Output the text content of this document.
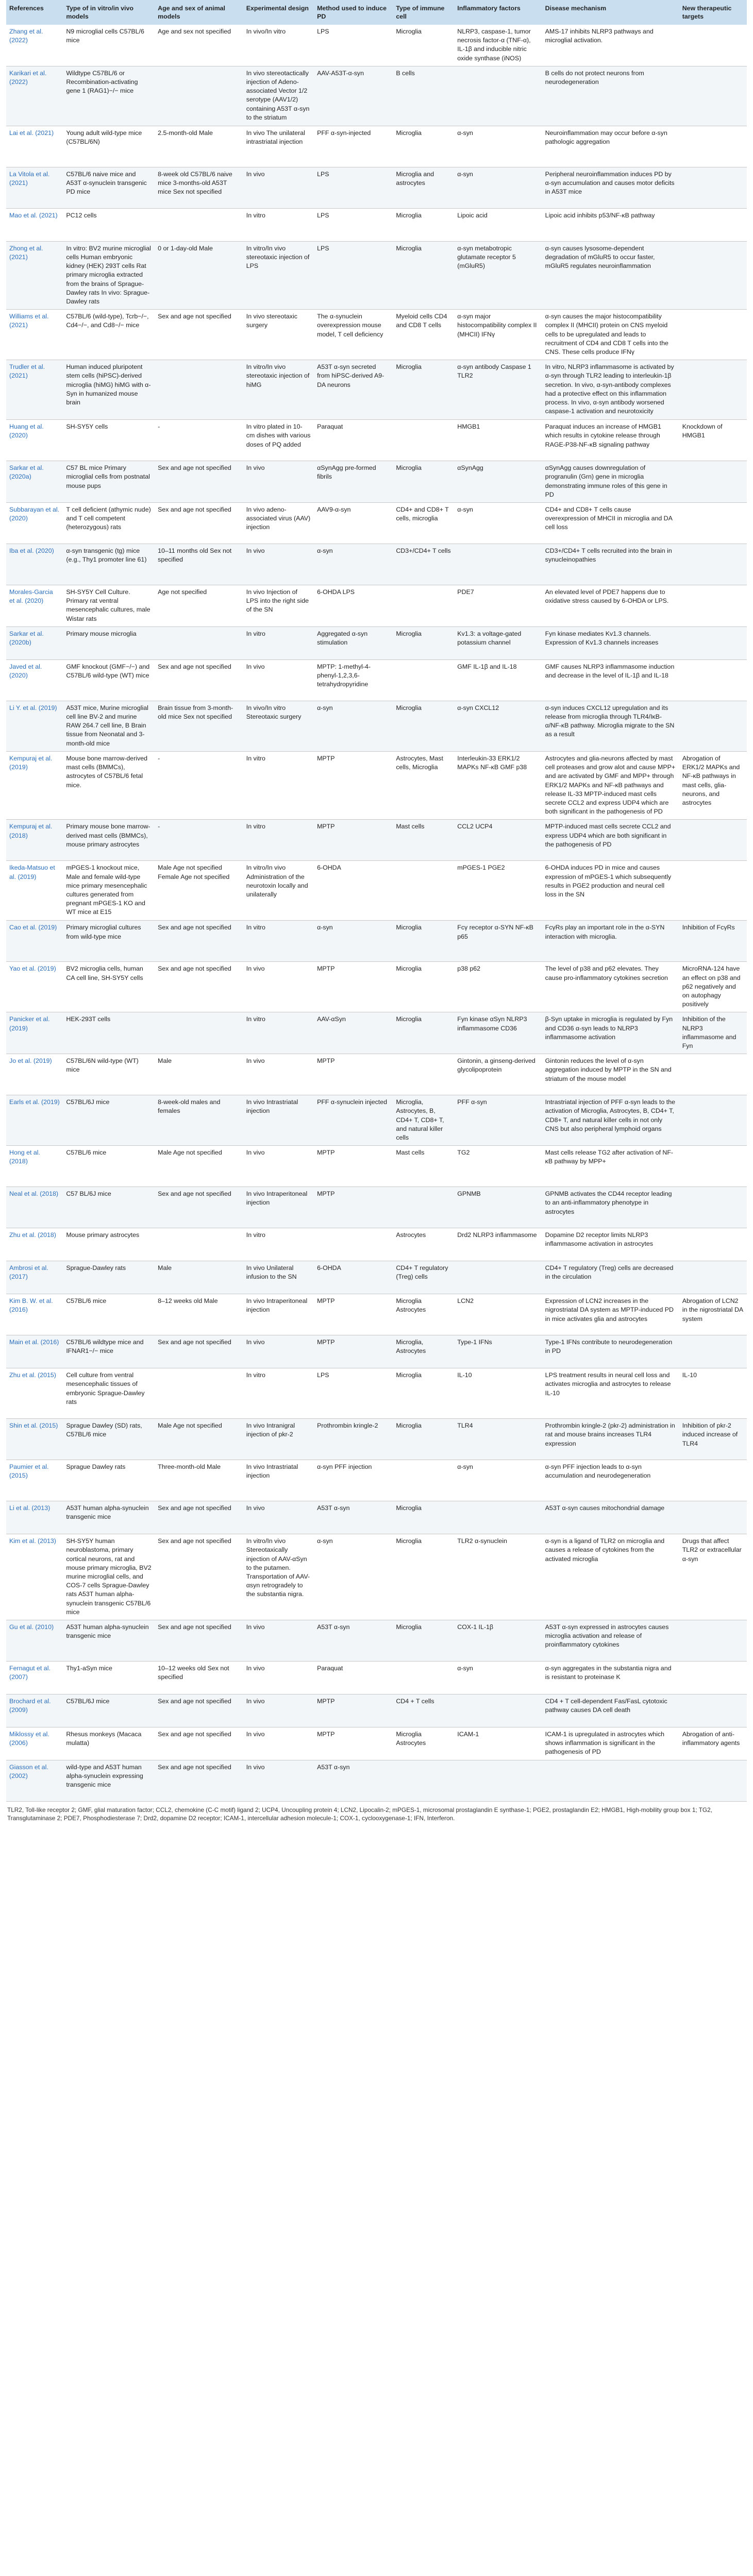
References	Type of in vitro/in vivo models	Age and sex of animal models	Experimental design	Method used to induce PD	Type of immune cell	Inflammatory factors	Disease mechanism	New therapeutic targets
Zhang et al. (2022)	N9 microglial cells C57BL/6 mice	Age and sex not specified	In vivo/In vitro	LPS	Microglia	NLRP3, caspase-1, tumor necrosis factor-α (TNF-α), IL-1β and inducible nitric oxide synthase (iNOS)	AMS-17 inhibits NLRP3 pathways and microglial activation.	
Karikari et al. (2022)	Wildtype C57BL/6 or Recombination-activating gene 1 (RAG1)−/− mice		In vivo stereotactically injection of Adeno-associated Vector 1/2 serotype (AAV1/2) containing A53T α-syn to the striatum	AAV-A53T-α-syn	B cells		B cells do not protect neurons from neurodegeneration	
Lai et al. (2021)	Young adult wild-type mice (C57BL/6N)	2.5-month-old Male	In vivo The unilateral intrastriatal injection	PFF α-syn-injected	Microglia	α-syn	Neuroinflammation may occur before α-syn pathologic aggregation	
La Vitola et al. (2021)	C57BL/6 naive mice and A53T α-synuclein transgenic PD mice	8-week old C57BL/6 naive mice 3-months-old A53T mice Sex not specified	In vivo	LPS	Microglia and astrocytes	α-syn	Peripheral neuroinflammation induces PD by α-syn accumulation and causes motor deficits in A53T mice	
Mao et al. (2021)	PC12 cells		In vitro	LPS	Microglia	Lipoic acid	Lipoic acid inhibits p53/NF-κB pathway	
Zhong et al. (2021)	In vitro: BV2 murine microglial cells Human embryonic kidney (HEK) 293T cells Rat primary microglia extracted from the brains of Sprague-Dawley rats In vivo: Sprague-Dawley rats	0 or 1-day-old Male	In vitro/In vivo stereotaxic injection of LPS	LPS	Microglia	α-syn metabotropic glutamate receptor 5 (mGluR5)	α-syn causes lysosome-dependent degradation of mGluR5 to occur faster, mGluR5 regulates neuroinflammation	
Williams et al. (2021)	C57BL/6 (wild-type), Tcrb−/−, Cd4−/−, and Cd8−/− mice	Sex and age not specified	In vivo stereotaxic surgery	The α-synuclein overexpression mouse model, T cell deficiency	Myeloid cells CD4 and CD8 T cells	α-syn major histocompatibility complex II (MHCII) IFNγ	α-syn causes the major histocompatibility complex II (MHCII) protein on CNS myeloid cells to be upregulated and leads to recruitment of CD4 and CD8 T cells into the CNS. These cells produce IFNγ	
Trudler et al. (2021)	Human induced pluripotent stem cells (hiPSC)-derived microglia (hiMG) hiMG with α-Syn in humanized mouse brain		In vitro/In vivo stereotaxic injection of hiMG	A53T α-syn secreted from hiPSC-derived A9-DA neurons	Microglia	α-syn antibody Caspase 1 TLR2	In vitro, NLRP3 inflammasome is activated by α-syn through TLR2 leading to interleukin-1β secretion. In vivo, α-syn-antibody complexes had a protective effect on this inflammation process. In vivo, α-syn antibody worsened caspase-1 activation and neurotoxicity	
Huang et al. (2020)	SH-SY5Y cells	-	In vitro plated in 10-cm dishes with various doses of PQ added	Paraquat		HMGB1	Paraquat induces an increase of HMGB1 which results in cytokine release through RAGE-P38-NF-κB signaling pathway	Knockdown of HMGB1
Sarkar et al. (2020a)	C57 BL mice Primary microglial cells from postnatal mouse pups	Sex and age not specified	In vivo	αSynAgg pre-formed fibrils	Microglia	αSynAgg	αSynAgg causes downregulation of progranulin (Grn) gene in microglia demonstrating immune roles of this gene in PD	
Subbarayan et al. (2020)	T cell deficient (athymic nude) and T cell competent (heterozygous) rats	Sex and age not specified	In vivo adeno-associated virus (AAV) injection	AAV9-α-syn	CD4+ and CD8+ T cells, microglia	α-syn	CD4+ and CD8+ T cells cause overexpression of MHCII in microglia and DA cell loss	
Iba et al. (2020)	α-syn transgenic (tg) mice (e.g., Thy1 promoter line 61)	10–11 months old Sex not specified	In vivo	α-syn	CD3+/CD4+ T cells		CD3+/CD4+ T cells recruited into the brain in synucleinopathies	
Morales-Garcia et al. (2020)	SH-SY5Y Cell Culture. Primary rat ventral mesencephalic cultures, male Wistar rats	Age not specified	In vivo Injection of LPS into the right side of the SN	6-OHDA LPS		PDE7	An elevated level of PDE7 happens due to oxidative stress caused by 6-OHDA or LPS.	
Sarkar et al. (2020b)	Primary mouse microglia		In vitro	Aggregated α-syn stimulation	Microglia	Kv1.3: a voltage-gated potassium channel	Fyn kinase mediates Kv1.3 channels. Expression of Kv1.3 channels increases	
Javed et al. (2020)	GMF knockout (GMF−/−) and C57BL/6 wild-type (WT) mice	Sex and age not specified	In vivo	MPTP: 1-methyl-4-phenyl-1,2,3,6-tetrahydropyridine		GMF IL-1β and IL-18	GMF causes NLRP3 inflammasome induction and decrease in the level of IL-1β and IL-18	
Li Y. et al. (2019)	A53T mice, Murine microglial cell line BV-2 and murine RAW 264.7 cell line, B Brain tissue from Neonatal and 3-month-old mice	Brain tissue from 3-month-old mice Sex not specified	In vivo/In vitro Stereotaxic surgery	α-syn	Microglia	α-syn CXCL12	α-syn induces CXCL12 upregulation and its release from microglia through TLR4/IκB-α/NF-κB pathway. Microglia migrate to the SN as a result	
Kempuraj et al. (2019)	Mouse bone marrow-derived mast cells (BMMCs), astrocytes of C57BL/6 fetal mice.	-	In vitro	MPTP	Astrocytes, Mast cells, Microglia	Interleukin-33 ERK1/2 MAPKs NF-κB GMF p38	Astrocytes and glia-neurons affected by mast cell proteases and grow alot and cause MPP+ and are activated by GMF and MPP+ through ERK1/2 MAPKs and NF-κB pathways and release IL-33 MPTP-induced mast cells secrete CCL2 and express UDP4 which are both significant in the pathogenesis of PD	Abrogation of ERK1/2 MAPKs and NF-κB pathways in mast cells, glia-neurons, and astrocytes
Kempuraj et al. (2018)	Primary mouse bone marrow-derived mast cells (BMMCs), mouse primary astrocytes	-	In vitro	MPTP	Mast cells	CCL2 UCP4	MPTP-induced mast cells secrete CCL2 and express UDP4 which are both significant in the pathogenesis of PD	
Ikeda-Matsuo et al. (2019)	mPGES-1 knockout mice, Male and female wild-type mice primary mesencephalic cultures generated from pregnant mPGES-1 KO and WT mice at E15	Male Age not specified Female Age not specified	In vitro/In vivo Administration of the neurotoxin locally and unilaterally	6-OHDA		mPGES-1 PGE2	6-OHDA induces PD in mice and causes expression of mPGES-1 which subsequently results in PGE2 production and neural cell loss in the SN	
Cao et al. (2019)	Primary microglial cultures from wild-type mice	Sex and age not specified	In vitro	α-syn	Microglia	Fcγ receptor α-SYN NF-κB p65	FcγRs play an important role in the α-SYN interaction with microglia.	Inhibition of FcγRs
Yao et al. (2019)	BV2 microglia cells, human CA cell line, SH-SY5Y cells	Sex and age not specified	In vivo	MPTP	Microglia	p38 p62	The level of p38 and p62 elevates. They cause pro-inflammatory cytokines secretion	MicroRNA-124 have an effect on p38 and p62 negatively and on autophagy positively
Panicker et al. (2019)	HEK-293T cells		In vitro	AAV-αSyn	Microglia	Fyn kinase αSyn NLRP3 inflammasome CD36	β-Syn uptake in microglia is regulated by Fyn and CD36 α-syn leads to NLRP3 inflammasome activation	Inhibition of the NLRP3 inflammasome and Fyn
Jo et al. (2019)	C57BL/6N wild-type (WT) mice	Male	In vivo	MPTP		Gintonin, a ginseng-derived glycolipoprotein	Gintonin reduces the level of α-syn aggregation induced by MPTP in the SN and striatum of the mouse model	
Earls et al. (2019)	C57BL/6J mice	8-week-old males and females	In vivo Intrastriatal injection	PFF α-synuclein injected	Microglia, Astrocytes, B, CD4+ T, CD8+ T, and natural killer cells	PFF α-syn	Intrastriatal injection of PFF α-syn leads to the activation of Microglia, Astrocytes, B, CD4+ T, CD8+ T, and natural killer cells in not only CNS but also peripheral lymphoid organs	
Hong et al. (2018)	C57BL/6 mice	Male Age not specified	In vivo	MPTP	Mast cells	TG2	Mast cells release TG2 after activation of NF-κB pathway by MPP+	
Neal et al. (2018)	C57 BL/6J mice	Sex and age not specified	In vivo Intraperitoneal injection	MPTP		GPNMB	GPNMB activates the CD44 receptor leading to an anti-inflammatory phenotype in astrocytes	
Zhu et al. (2018)	Mouse primary astrocytes		In vitro		Astrocytes	Drd2 NLRP3 inflammasome	Dopamine D2 receptor limits NLRP3 inflammasome activation in astrocytes	
Ambrosi et al. (2017)	Sprague-Dawley rats	Male	In vivo Unilateral infusion to the SN	6-OHDA	CD4+ T regulatory (Treg) cells		CD4+ T regulatory (Treg) cells are decreased in the circulation	
Kim B. W. et al. (2016)	C57BL/6 mice	8–12 weeks old Male	In vivo Intraperitoneal injection	MPTP	Microglia Astrocytes	LCN2	Expression of LCN2 increases in the nigrostriatal DA system as MPTP-induced PD in mice activates glia and astrocytes	Abrogation of LCN2 in the nigrostriatal DA system
Main et al. (2016)	C57BL/6 wildtype mice and IFNAR1−/− mice	Sex and age not specified	In vivo	MPTP	Microglia, Astrocytes	Type-1 IFNs	Type-1 IFNs contribute to neurodegeneration in PD	
Zhu et al. (2015)	Cell culture from ventral mesencephalic tissues of embryonic Sprague-Dawley rats		In vitro	LPS	Microglia	IL-10	LPS treatment results in neural cell loss and activates microglia and astrocytes to release IL-10	IL-10
Shin et al. (2015)	Sprague Dawley (SD) rats, C57BL/6 mice	Male Age not specified	In vivo Intranigral injection of pkr-2	Prothrombin kringle-2	Microglia	TLR4	Prothrombin kringle-2 (pkr-2) administration in rat and mouse brains increases TLR4 expression	Inhibition of pkr-2 induced increase of TLR4
Paumier et al. (2015)	Sprague Dawley rats	Three-month-old Male	In vivo Intrastriatal injection	α-syn PFF injection		α-syn	α-syn PFF injection leads to α-syn accumulation and neurodegeneration	
Li et al. (2013)	A53T human alpha-synuclein transgenic mice	Sex and age not specified	In vivo	A53T α-syn	Microglia		A53T α-syn causes mitochondrial damage	
Kim et al. (2013)	SH-SY5Y human neuroblastoma, primary cortical neurons, rat and mouse primary microglia, BV2 murine microglial cells, and COS-7 cells Sprague-Dawley rats A53T human alpha-synuclein transgenic C57BL/6 mice	Sex and age not specified	In vitro/In vivo Stereotaxically injection of AAV-αSyn to the putamen. Transportation of AAV-αsyn retrogradely to the substantia nigra.	α-syn	Microglia	TLR2 α-synuclein	α-syn is a ligand of TLR2 on microglia and causes a release of cytokines from the activated microglia	Drugs that affect TLR2 or extracellular α-syn
Gu et al. (2010)	A53T human alpha-synuclein transgenic mice	Sex and age not specified	In vivo	A53T α-syn	Microglia	COX-1 IL-1β	A53T α-syn expressed in astrocytes causes microglia activation and release of proinflammatory cytokines	
Fernagut et al. (2007)	Thy1-aSyn mice	10–12 weeks old Sex not specified	In vivo	Paraquat		α-syn	α-syn aggregates in the substantia nigra and is resistant to proteinase K	
Brochard et al. (2009)	C57BL/6J mice	Sex and age not specified	In vivo	MPTP	CD4 + T cells		CD4 + T cell-dependent Fas/FasL cytotoxic pathway causes DA cell death	
Miklossy et al. (2006)	Rhesus monkeys (Macaca mulatta)	Sex and age not specified	In vivo	MPTP	Microglia Astrocytes	ICAM-1	ICAM-1 is upregulated in astrocytes which shows inflammation is significant in the pathogenesis of PD	Abrogation of anti-inflammatory agents
Giasson et al. (2002)	wild-type and A53T human alpha-synuclein expressing transgenic mice	Sex and age not specified	In vivo	A53T α-syn				
TLR2, Toll-like receptor 2; GMF, glial maturation factor; CCL2, chemokine (C-C motif) ligand 2; UCP4, Uncoupling protein 4; LCN2, Lipocalin-2; mPGES-1, microsomal prostaglandin E synthase-1; PGE2, prostaglandin E2; HMGB1, High-mobility group box 1; TG2, Transglutaminase 2; PDE7, Phosphodiesterase 7; Drd2, dopamine D2 receptor; ICAM-1, intercellular adhesion molecule-1; COX-1, cyclooxygenase-1; IFN, Interferon.
